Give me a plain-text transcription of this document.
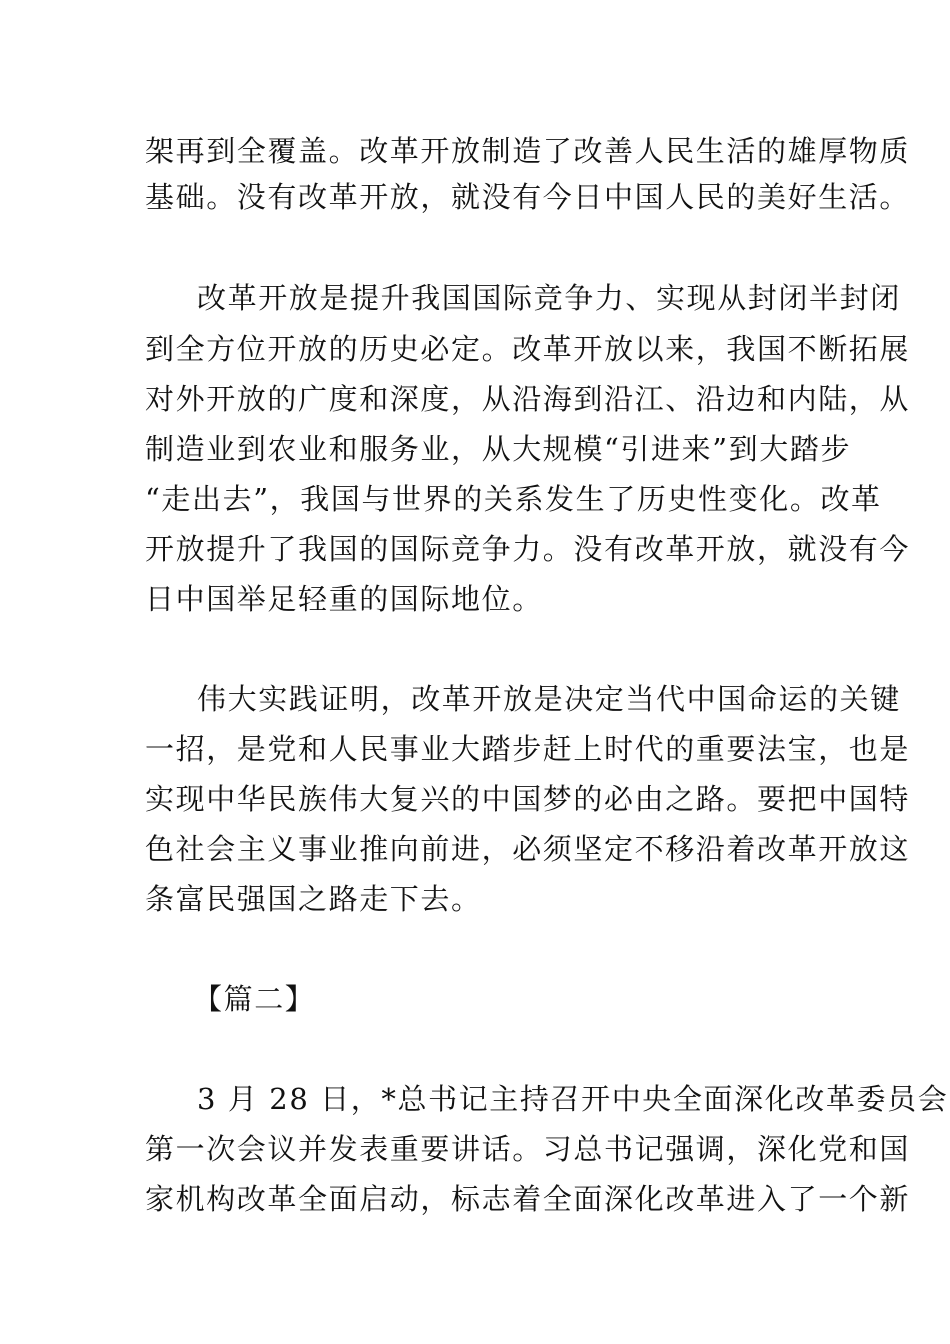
架再到全覆盖。改革开放制造了改善人民生活的雄厚物质
基础。没有改革开放，就没有今日中国人民的美好生活。
改革开放是提升我国国际竞争力、实现从封闭半封闭
到全方位开放的历史必定。改革开放以来，我国不断拓展
对外开放的广度和深度，从沿海到沿江、沿边和内陆，从
制造业到农业和服务业，从大规模“引进来”到大踏步
“走出去”，我国与世界的关系发生了历史性变化。改革
开放提升了我国的国际竞争力。没有改革开放，就没有今
日中国举足轻重的国际地位。
伟大实践证明，改革开放是决定当代中国命运的关键
一招，是党和人民事业大踏步赶上时代的重要法宝，也是
实现中华民族伟大复兴的中国梦的必由之路。要把中国特
色社会主义事业推向前进，必须坚定不移沿着改革开放这
条富民强国之路走下去。
【篇二】
3 月 28 日，*总书记主持召开中央全面深化改革委员会
第一次会议并发表重要讲话。习总书记强调，深化党和国
家机构改革全面启动，标志着全面深化改革进入了一个新
